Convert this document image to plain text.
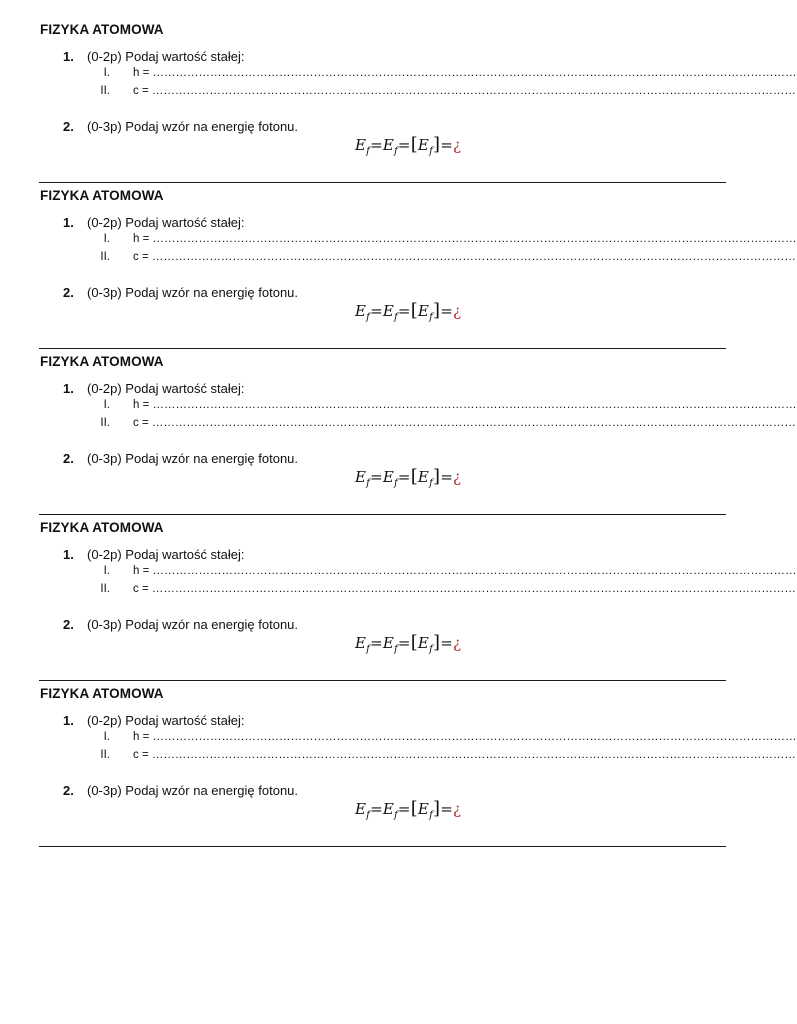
FIZYKA ATOMOWA
1. (0-2p) Podaj wartość stałej:
I. h = ……………………………………………………………………………………………………………………………………………………
II. c = ……………………………………………………………………………………………………………………………………………………
2. (0-3p) Podaj wzór na energię fotonu.
$E_f=E_f=[E_f]=¿$
FIZYKA ATOMOWA
1. (0-2p) Podaj wartość stałej:
I. h = ……………………………………………………………………………………………………………………………………………………
II. c = ……………………………………………………………………………………………………………………………………………………
2. (0-3p) Podaj wzór na energię fotonu.
$E_f=E_f=[E_f]=¿$
FIZYKA ATOMOWA
1. (0-2p) Podaj wartość stałej:
I. h = ……………………………………………………………………………………………………………………………………………………
II. c = ……………………………………………………………………………………………………………………………………………………
2. (0-3p) Podaj wzór na energię fotonu.
$E_f=E_f=[E_f]=¿$
FIZYKA ATOMOWA
1. (0-2p) Podaj wartość stałej:
I. h = ……………………………………………………………………………………………………………………………………………………
II. c = ……………………………………………………………………………………………………………………………………………………
2. (0-3p) Podaj wzór na energię fotonu.
$E_f=E_f=[E_f]=¿$
FIZYKA ATOMOWA
1. (0-2p) Podaj wartość stałej:
I. h = ……………………………………………………………………………………………………………………………………………………
II. c = ……………………………………………………………………………………………………………………………………………………
2. (0-3p) Podaj wzór na energię fotonu.
$E_f=E_f=[E_f]=¿$
